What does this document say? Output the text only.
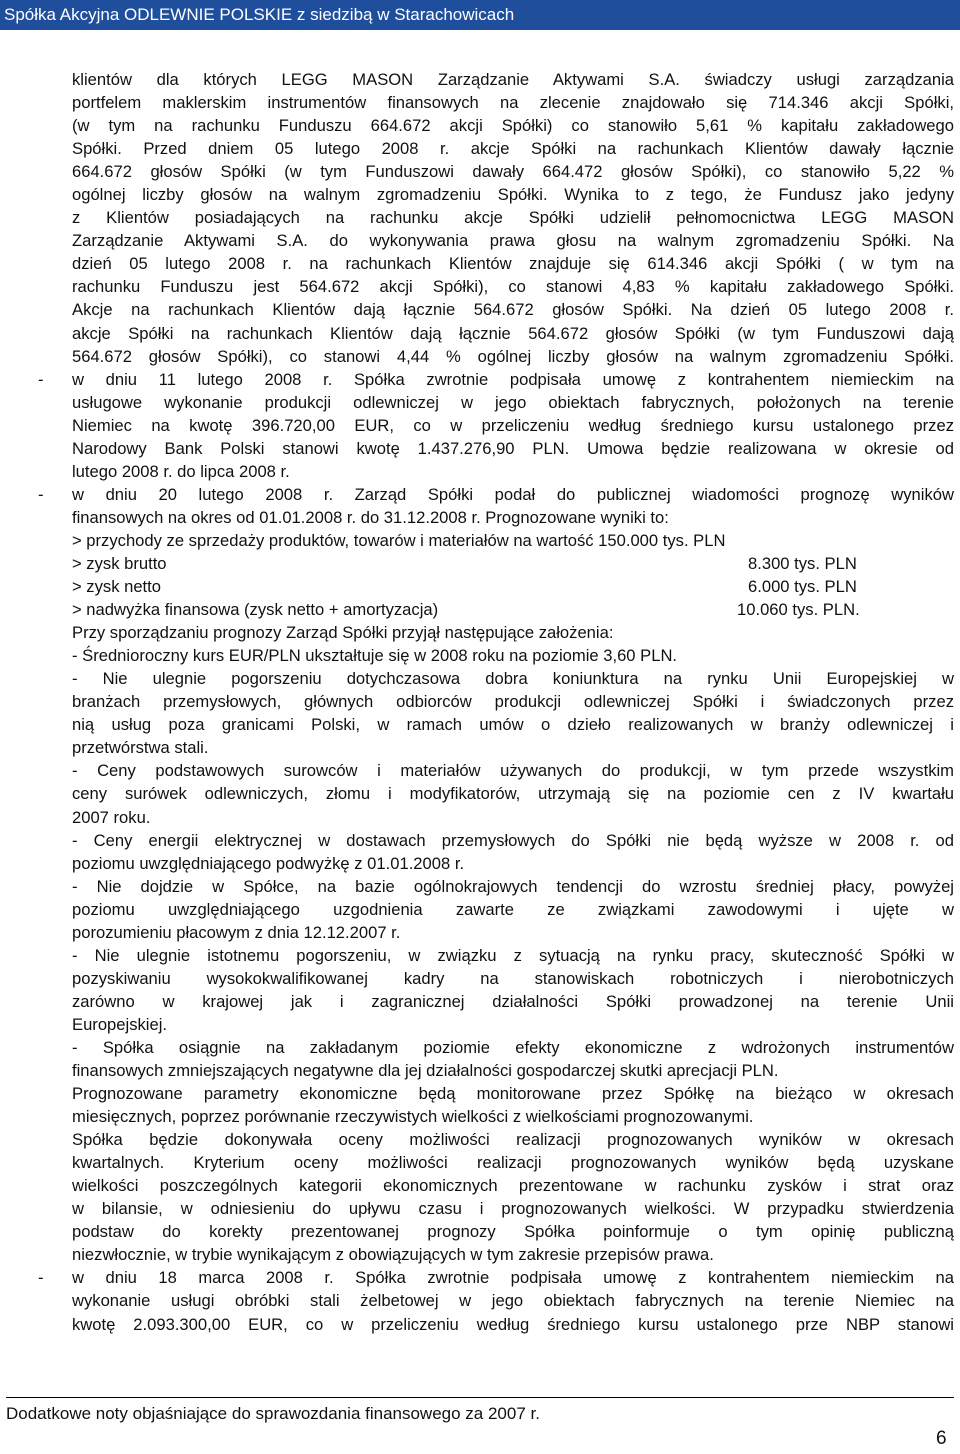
Spółka Akcyjna ODLEWNIE POLSKIE z siedzibą w Starachowicach
klientów dla których LEGG MASON Zarządzanie Aktywami S.A. świadczy usługi zarządzania
portfelem maklerskim instrumentów finansowych na zlecenie znajdowało się 714.346 akcji Spółki,
(w tym na rachunku Funduszu 664.672 akcji Spółki) co stanowiło 5,61 % kapitału zakładowego
Spółki. Przed dniem 05 lutego 2008 r. akcje Spółki na rachunkach Klientów dawały łącznie
664.672 głosów Spółki (w tym Funduszowi dawały 664.472 głosów Spółki), co stanowiło 5,22 %
ogólnej liczby głosów na walnym zgromadzeniu Spółki. Wynika to z tego, że Fundusz jako jedyny
z Klientów posiadających na rachunku akcje Spółki udzielił pełnomocnictwa LEGG MASON
Zarządzanie Aktywami S.A. do wykonywania prawa głosu na walnym zgromadzeniu Spółki. Na
dzień 05 lutego 2008 r. na rachunkach Klientów znajduje się 614.346 akcji Spółki ( w tym na
rachunku Funduszu jest 564.672 akcji Spółki), co stanowi 4,83 % kapitału zakładowego Spółki.
Akcje na rachunkach Klientów dają łącznie 564.672 głosów Spółki. Na dzień 05 lutego 2008 r.
akcje Spółki na rachunkach Klientów dają łącznie 564.672 głosów Spółki (w tym Funduszowi dają
564.672 głosów Spółki), co stanowi 4,44 % ogólnej liczby głosów na walnym zgromadzeniu Spółki.
-	w dniu 11 lutego 2008 r. Spółka zwrotnie podpisała umowę z kontrahentem niemieckim na
usługowe wykonanie produkcji odlewniczej w jego obiektach fabrycznych, położonych na terenie
Niemiec na kwotę 396.720,00 EUR, co w przeliczeniu według średniego kursu ustalonego przez
Narodowy Bank Polski stanowi kwotę 1.437.276,90 PLN. Umowa będzie realizowana w okresie od
lutego 2008 r. do lipca 2008 r.
-	w dniu 20 lutego 2008 r. Zarząd Spółki podał do publicznej wiadomości prognozę wyników
finansowych na okres od 01.01.2008 r. do 31.12.2008 r. Prognozowane wyniki to:
> przychody ze sprzedaży produktów, towarów i materiałów na wartość 150.000 tys. PLN
> zysk brutto	8.300 tys. PLN
> zysk netto	6.000 tys. PLN
> nadwyżka finansowa (zysk netto + amortyzacja)	10.060 tys. PLN.
Przy sporządzaniu prognozy Zarząd Spółki przyjął następujące założenia:
- Średnioroczny kurs EUR/PLN ukształtuje się w 2008 roku na poziomie 3,60 PLN.
- Nie ulegnie pogorszeniu dotychczasowa dobra koniunktura na rynku Unii Europejskiej w
branżach przemysłowych, głównych odbiorców produkcji odlewniczej Spółki i świadczonych przez
nią usług poza granicami Polski, w ramach umów o dzieło realizowanych w branży odlewniczej i
przetwórstwa stali.
- Ceny podstawowych surowców i materiałów używanych do produkcji, w tym przede wszystkim
ceny surówek odlewniczych, złomu i modyfikatorów, utrzymają się na poziomie cen z IV kwartału
2007 roku.
- Ceny energii elektrycznej w dostawach przemysłowych do Spółki nie będą wyższe w 2008 r. od
poziomu uwzględniającego podwyżkę z 01.01.2008 r.
- Nie dojdzie w Spółce, na bazie ogólnokrajowych tendencji do wzrostu średniej płacy, powyżej
poziomu uwzględniającego uzgodnienia zawarte ze związkami zawodowymi i ujęte w
porozumieniu płacowym z dnia 12.12.2007 r.
- Nie ulegnie istotnemu pogorszeniu, w związku z sytuacją na rynku pracy, skuteczność Spółki w
pozyskiwaniu wysokokwalifikowanej kadry na stanowiskach robotniczych i nierobotniczych
zarówno w krajowej jak i zagranicznej działalności Spółki prowadzonej na terenie Unii
Europejskiej.
- Spółka osiągnie na zakładanym poziomie efekty ekonomiczne z wdrożonych instrumentów
finansowych zmniejszających negatywne dla jej działalności gospodarczej skutki aprecjacji PLN.
Prognozowane parametry ekonomiczne będą monitorowane przez Spółkę na bieżąco w okresach
miesięcznych, poprzez porównanie rzeczywistych wielkości z wielkościami prognozowanymi.
Spółka będzie dokonywała oceny możliwości realizacji prognozowanych wyników w okresach
kwartalnych. Kryterium oceny możliwości realizacji prognozowanych wyników będą uzyskane
wielkości poszczególnych kategorii ekonomicznych prezentowane w rachunku zysków i strat oraz
w bilansie, w odniesieniu do upływu czasu i prognozowanych wielkości. W przypadku stwierdzenia
podstaw do korekty prezentowanej prognozy Spółka poinformuje o tym opinię publiczną
niezwłocznie, w trybie wynikającym z obowiązujących w tym zakresie przepisów prawa.
-	w dniu 18 marca 2008 r. Spółka zwrotnie podpisała umowę z kontrahentem niemieckim na
wykonanie usługi obróbki stali żelbetowej w jego obiektach fabrycznych na terenie Niemiec na
kwotę 2.093.300,00 EUR, co w przeliczeniu według średniego kursu ustalonego prze NBP stanowi
Dodatkowe noty objaśniające do sprawozdania finansowego za 2007 r.
6
